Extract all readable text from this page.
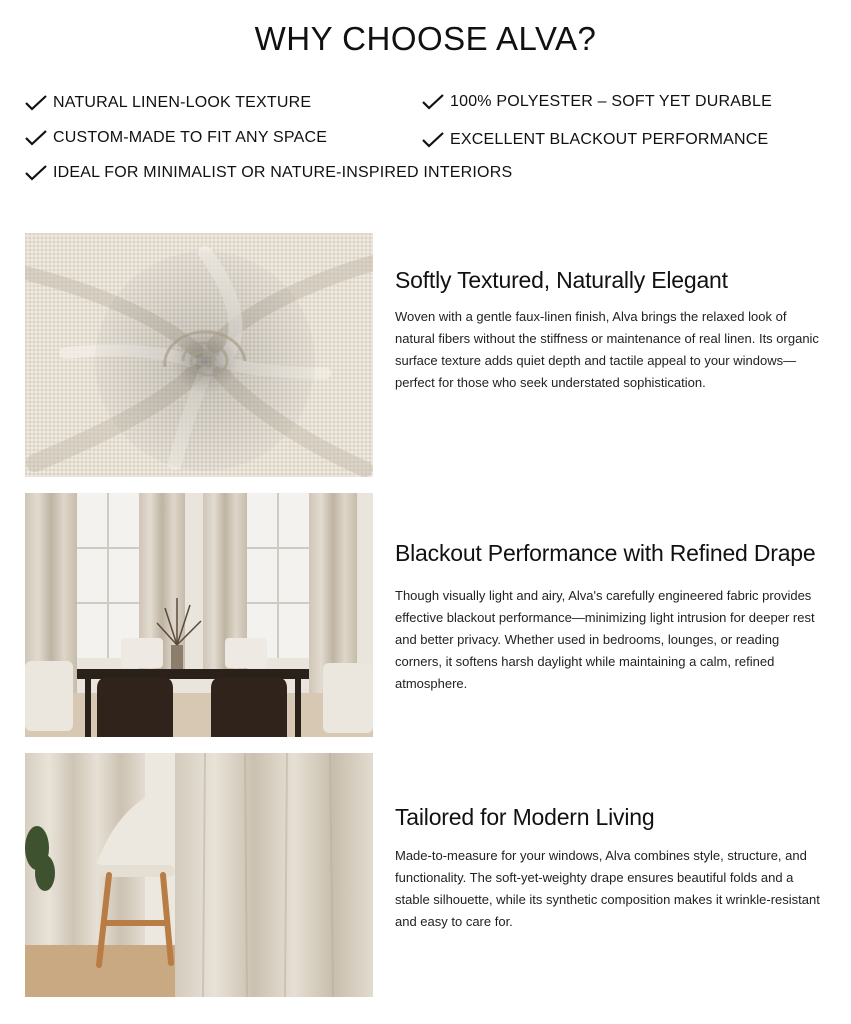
WHY CHOOSE ALVA?
NATURAL LINEN-LOOK TEXTURE	100% POLYESTER – SOFT YET DURABLE
CUSTOM-MADE TO FIT ANY SPACE	EXCELLENT BLACKOUT PERFORMANCE
IDEAL FOR MINIMALIST OR NATURE-INSPIRED INTERIORS
Softly Textured, Naturally Elegant
Woven with a gentle faux-linen finish, Alva brings the relaxed look of natural fibers without the stiffness or maintenance of real linen. Its organic surface texture adds quiet depth and tactile appeal to your windows—perfect for those who seek understated sophistication.
Blackout Performance with Refined Drape
Though visually light and airy, Alva's carefully engineered fabric provides effective blackout performance—minimizing light intrusion for deeper rest and better privacy. Whether used in bedrooms, lounges, or reading corners, it softens harsh daylight while maintaining a calm, refined atmosphere.
Tailored for Modern Living
Made-to-measure for your windows, Alva combines style, structure, and functionality. The soft-yet-weighty drape ensures beautiful folds and a stable silhouette, while its synthetic composition makes it wrinkle-resistant and easy to care for.
